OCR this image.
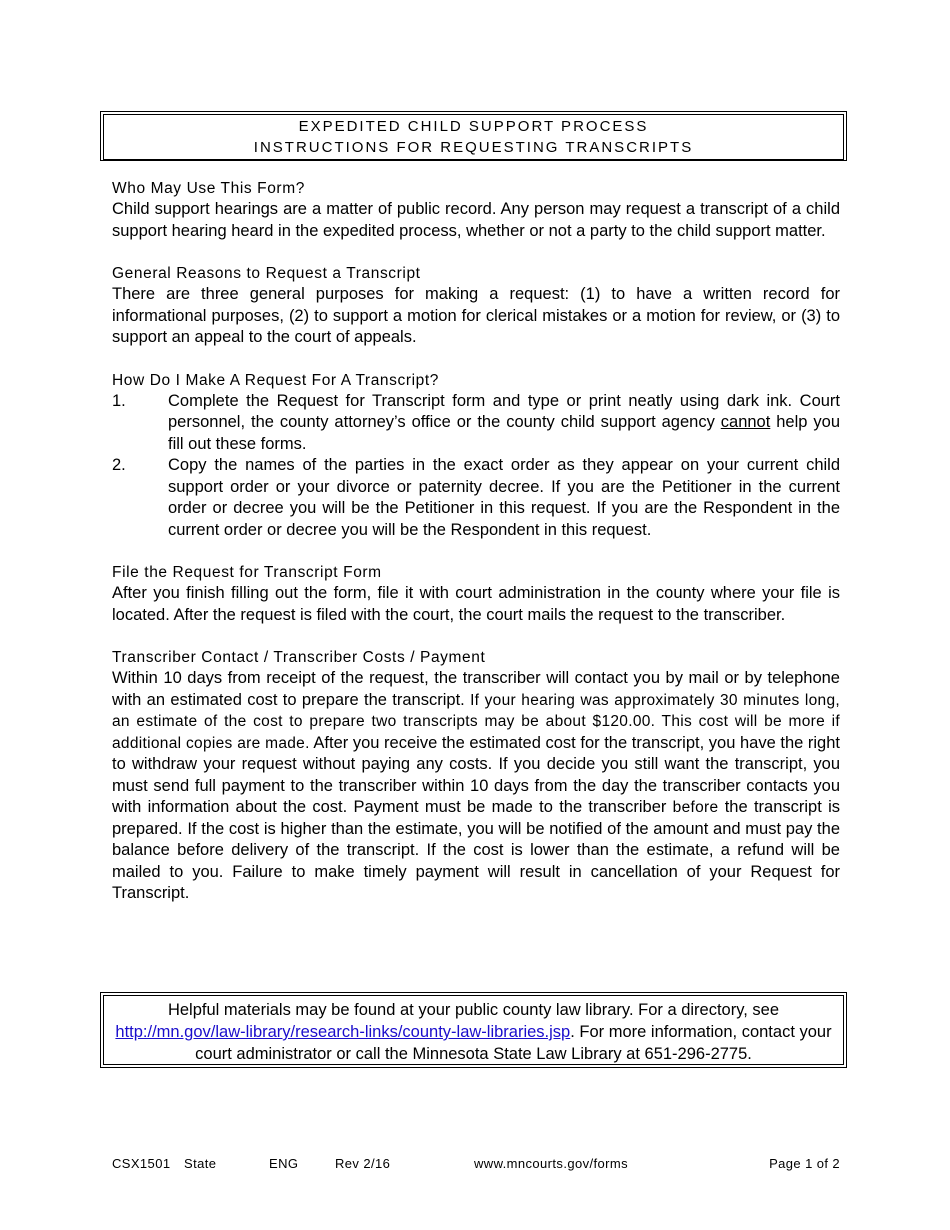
EXPEDITED CHILD SUPPORT PROCESS
INSTRUCTIONS FOR REQUESTING TRANSCRIPTS
Who May Use This Form?

Child support hearings are a matter of public record. Any person may request a transcript of a child support hearing heard in the expedited process, whether or not a party to the child support matter.

General Reasons to Request a Transcript

There are three general purposes for making a request: (1) to have a written record for informational purposes, (2) to support a motion for clerical mistakes or a motion for review, or (3) to support an appeal to the court of appeals.

How Do I Make A Request For A Transcript?
1.	Complete the Request for Transcript form and type or print neatly using dark ink. Court personnel, the county attorney’s office or the county child support agency cannot help you fill out these forms.
2.	Copy the names of the parties in the exact order as they appear on your current child support order or your divorce or paternity decree. If you are the Petitioner in the current order or decree you will be the Petitioner in this request. If you are the Respondent in the current order or decree you will be the Respondent in this request.
File the Request for Transcript Form

After you finish filling out the form, file it with court administration in the county where your file is located. After the request is filed with the court, the court mails the request to the transcriber.

Transcriber Contact / Transcriber Costs / Payment

Within 10 days from receipt of the request, the transcriber will contact you by mail or by telephone with an estimated cost to prepare the transcript. If your hearing was approximately 30 minutes long, an estimate of the cost to prepare two transcripts may be about $120.00. This cost will be more if additional copies are made. After you receive the estimated cost for the transcript, you have the right to withdraw your request without paying any costs. If you decide you still want the transcript, you must send full payment to the transcriber within 10 days from the day the transcriber contacts you with information about the cost. Payment must be made to the transcriber before the transcript is prepared. If the cost is higher than the estimate, you will be notified of the amount and must pay the balance before delivery of the transcript. If the cost is lower than the estimate, a refund will be mailed to you. Failure to make timely payment will result in cancellation of your Request for Transcript.

Helpful materials may be found at your public county law library. For a directory, see
http://mn.gov/law-library/research-links/county-law-libraries.jsp. For more information, contact your court administrator or call the Minnesota State Law Library at 651-296-2775.
CSX1501 State	ENG	Rev 2/16	www.mncourts.gov/forms	Page 1 of 2
